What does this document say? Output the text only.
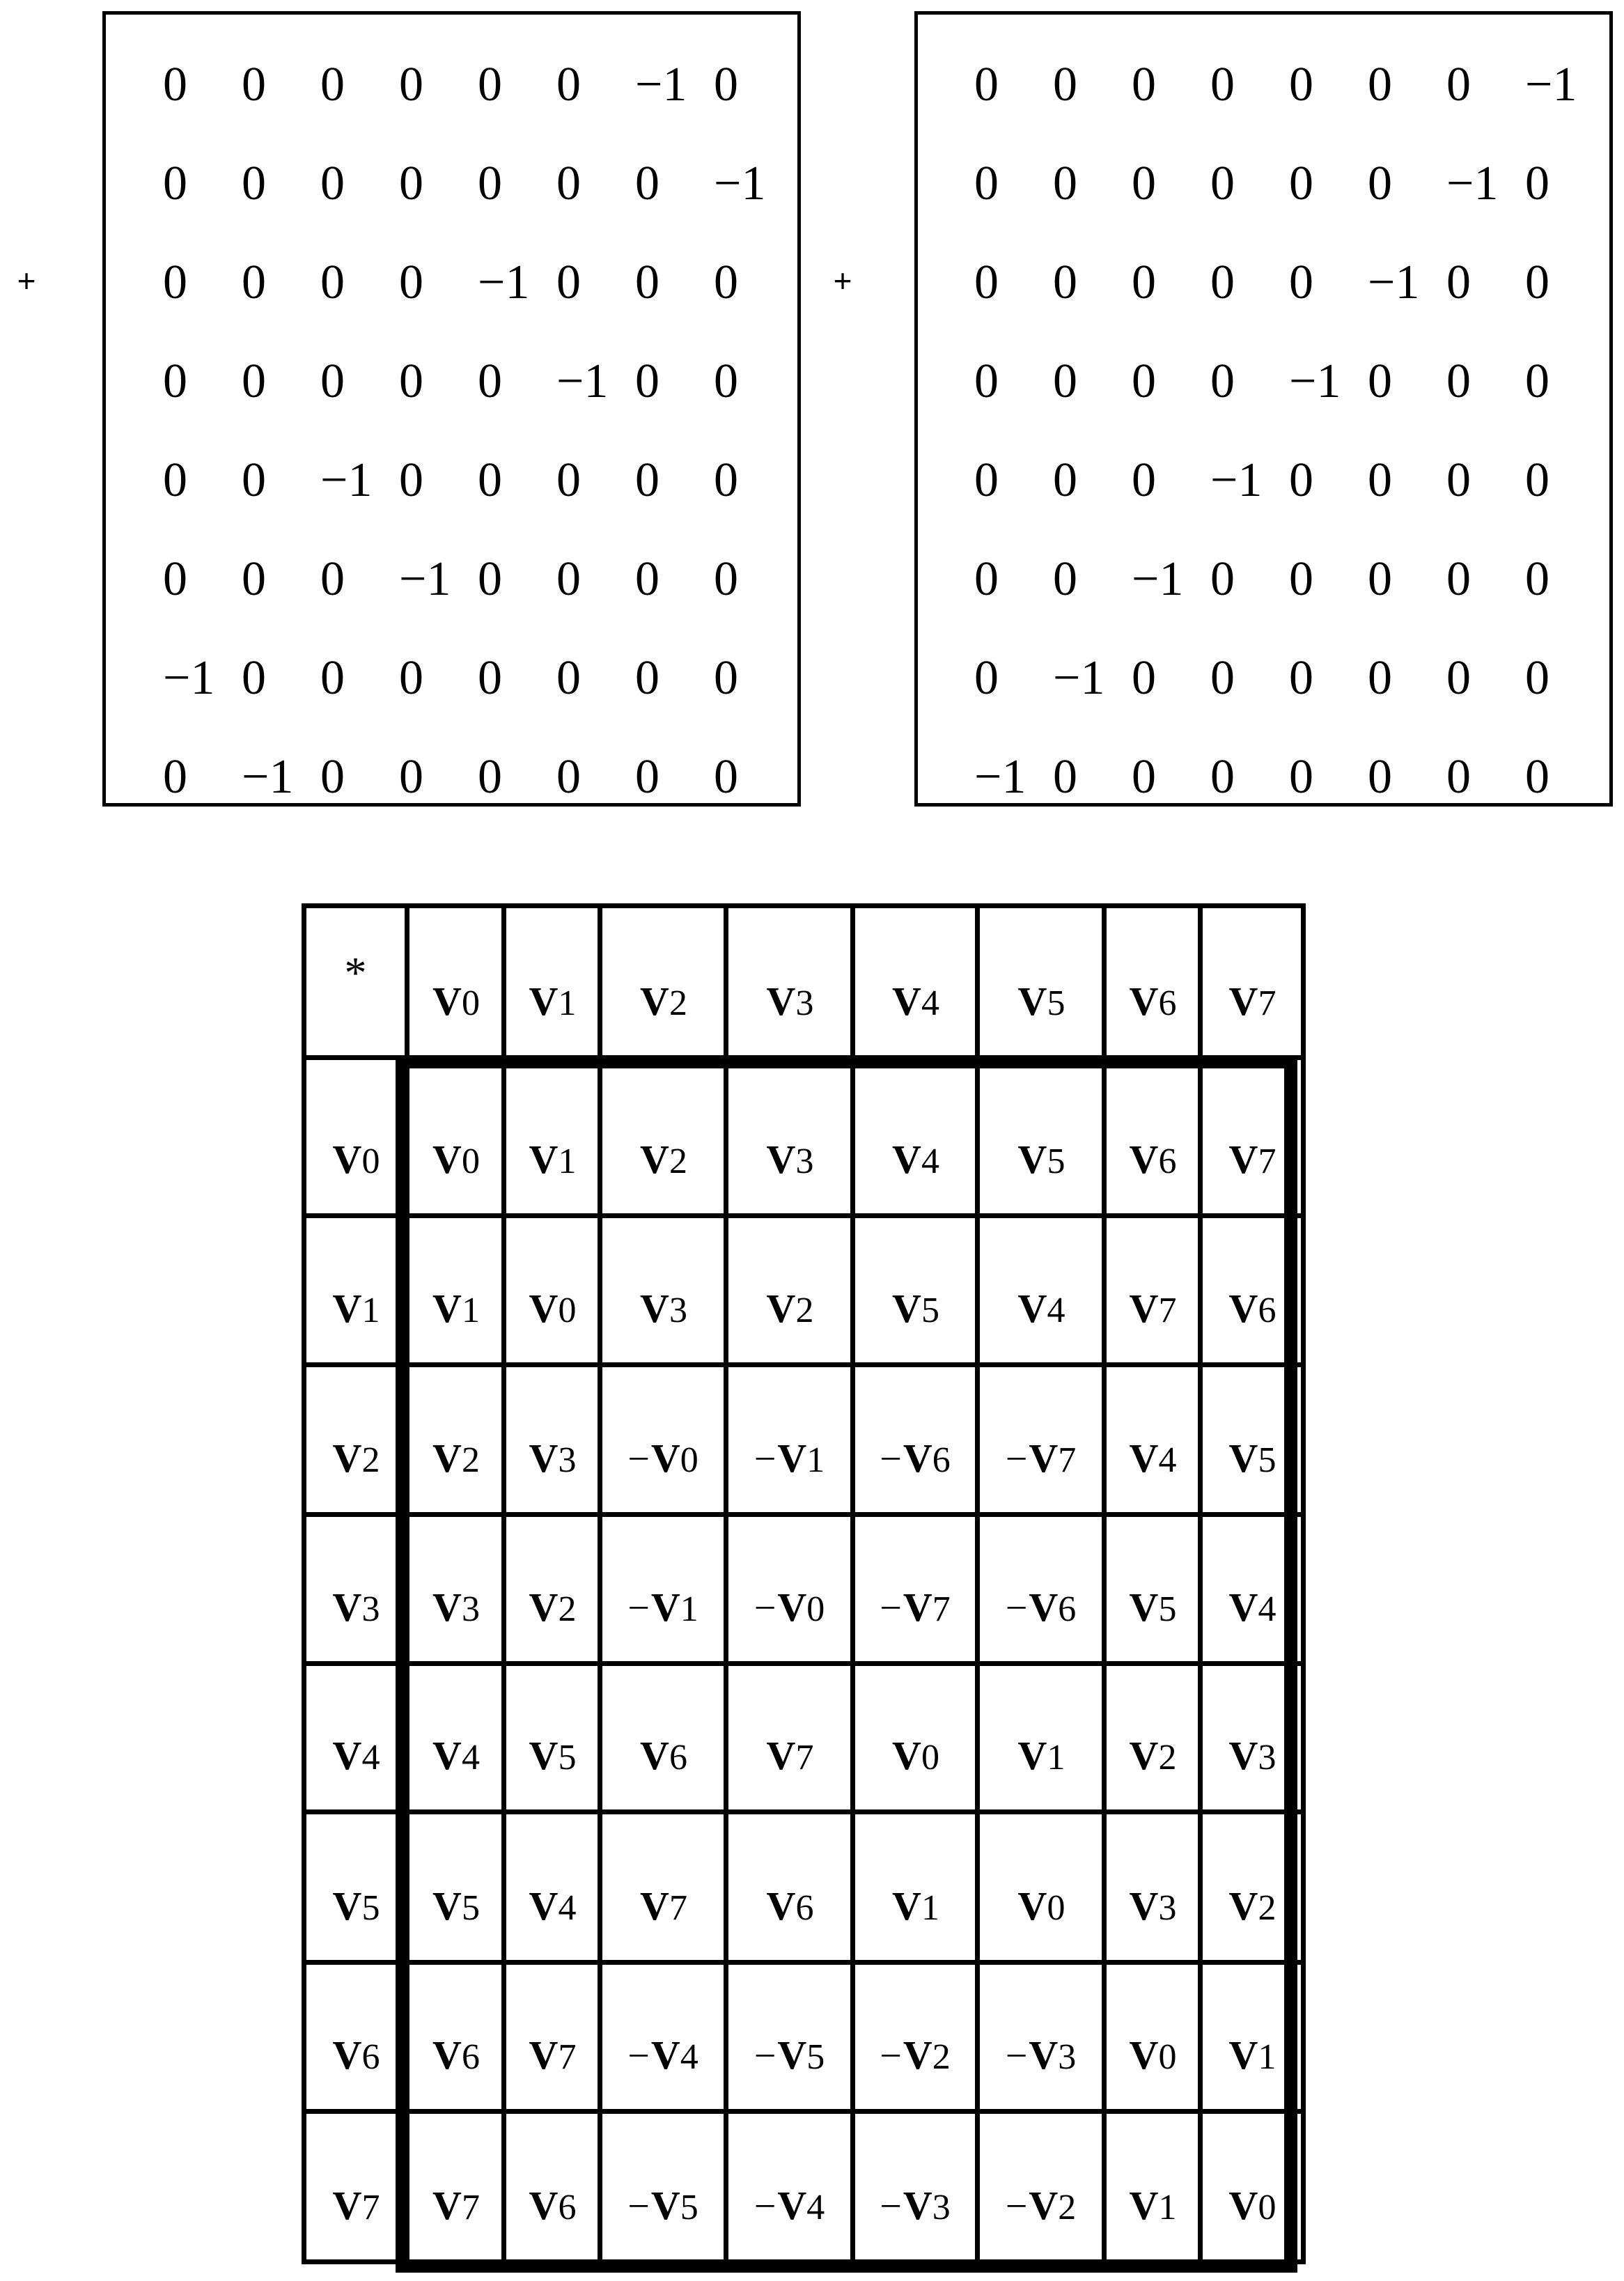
+	+
0	0	0	0	0	0	−1 0
0	0	0	0	0	0	0	−1
0	0	0	0	−1 0	0	0
0	0	0	0	0	−1 0	0
0	0	−1 0	0	0	0	0
0	0	0	−1 0	0	0	0
−1 0	0	0	0	0	0	0
0	−1 0	0	0	0	0	0
0	0	0	0	0	0	0	−1
0	0	0	0	0	0	−1 0
0	0	0	0	0	−1 0	0
0	0	0	0	−1 0	0	0
0	0	0	−1 0	0	0	0
0	0	−1 0	0	0	0	0
0	−1 0	0	0	0	0	0
−1 0	0	0	0	0	0	0
*	V0	V1	V2	V3	V4	V5	V6	V7
V0	V0	V1	V2	V3	V4	V5	V6	V7
V1	V1	V0	V3	V2	V5	V4	V7	V6
V2	V2	V3	−V0	−V1	−V6	−V7	V4	V5
V3	V3	V2	−V1	−V0	−V7	−V6	V5	V4
V4	V4	V5	V6	V7	V0	V1	V2	V3
V5	V5	V4	V7	V6	V1	V0	V3	V2
V6	V6	V7	−V4	−V5	−V2	−V3	V0	V1
V7	V7	V6	−V5	−V4	−V3	−V2	V1	V0
